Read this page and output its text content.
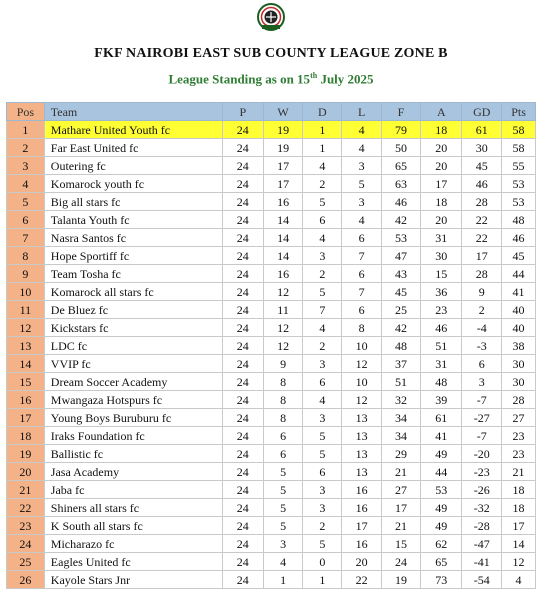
FKF NAIROBI EAST SUB COUNTY LEAGUE ZONE B
League Standing as on 15th July 2025
Pos	Team	P	W	D	L	F	A	GD	Pts
1	Mathare United Youth fc	24	19	1	4	79	18	61	58
2	Far East United fc	24	19	1	4	50	20	30	58
3	Outering fc	24	17	4	3	65	20	45	55
4	Komarock youth fc	24	17	2	5	63	17	46	53
5	Big all stars fc	24	16	5	3	46	18	28	53
6	Talanta Youth fc	24	14	6	4	42	20	22	48
7	Nasra Santos fc	24	14	4	6	53	31	22	46
8	Hope Sportiff fc	24	14	3	7	47	30	17	45
9	Team Tosha fc	24	16	2	6	43	15	28	44
10	Komarock all stars fc	24	12	5	7	45	36	9	41
11	De Bluez fc	24	11	7	6	25	23	2	40
12	Kickstars fc	24	12	4	8	42	46	-4	40
13	LDC fc	24	12	2	10	48	51	-3	38
14	VVIP fc	24	9	3	12	37	31	6	30
15	Dream Soccer Academy	24	8	6	10	51	48	3	30
16	Mwangaza Hotspurs fc	24	8	4	12	32	39	-7	28
17	Young Boys Buruburu fc	24	8	3	13	34	61	-27	27
18	Iraks Foundation fc	24	6	5	13	34	41	-7	23
19	Ballistic fc	24	6	5	13	29	49	-20	23
20	Jasa Academy	24	5	6	13	21	44	-23	21
21	Jaba fc	24	5	3	16	27	53	-26	18
22	Shiners all stars fc	24	5	3	16	17	49	-32	18
23	K South all stars fc	24	5	2	17	21	49	-28	17
24	Micharazo fc	24	3	5	16	15	62	-47	14
25	Eagles United fc	24	4	0	20	24	65	-41	12
26	Kayole Stars Jnr	24	1	1	22	19	73	-54	4
